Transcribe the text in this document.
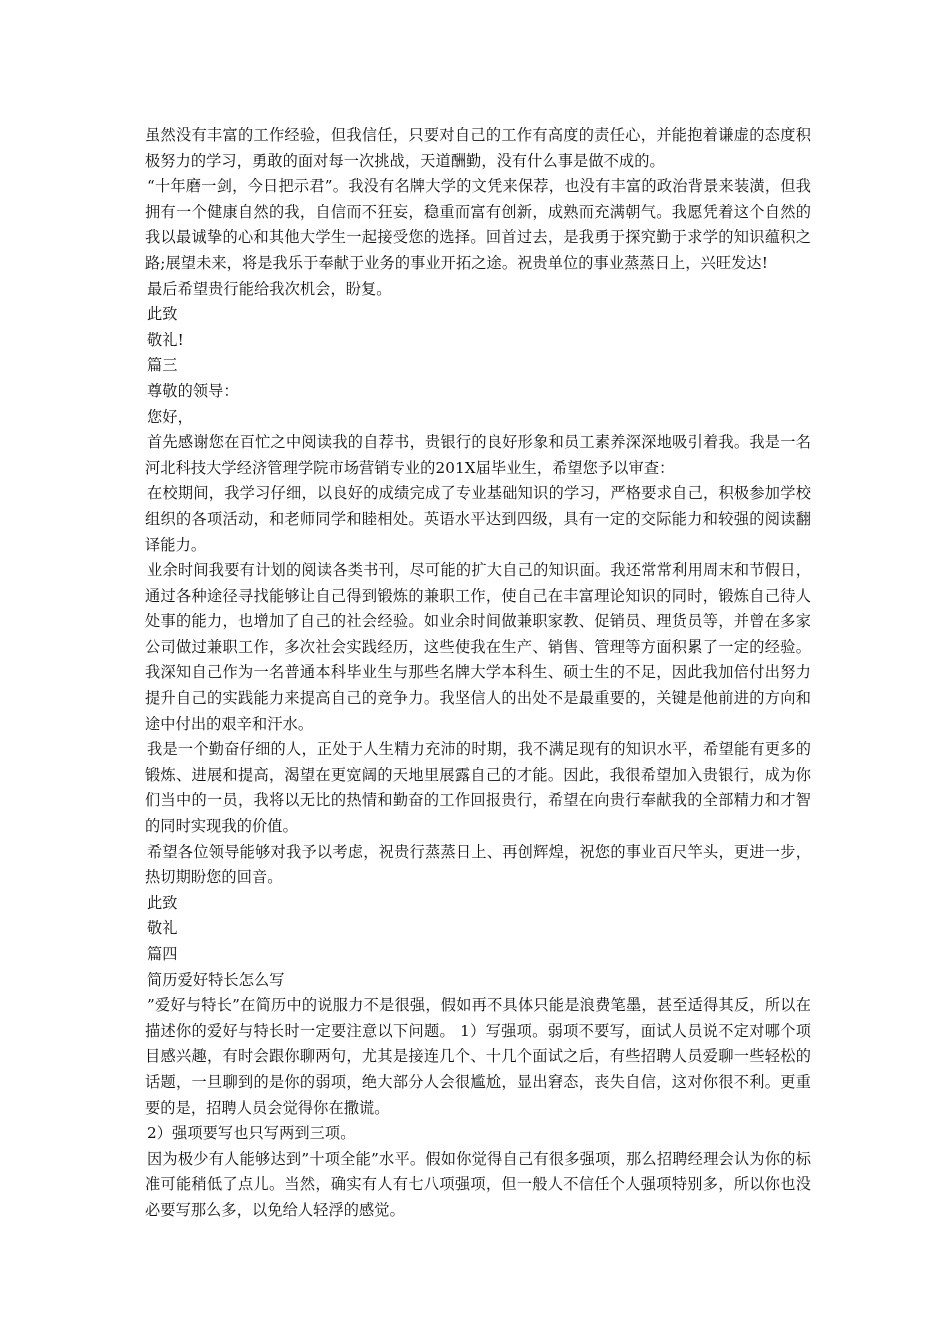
虽然没有丰富的工作经验，但我信任，只要对自己的工作有高度的责任心，并能抱着谦虚的态度积极努力的学习，勇敢的面对每一次挑战，天道酬勤，没有什么事是做不成的。

“十年磨一剑，今日把示君”。我没有名牌大学的文凭来保荐，也没有丰富的政治背景来装潢，但我拥有一个健康自然的我，自信而不狂妄，稳重而富有创新，成熟而充满朝气。我愿凭着这个自然的我以最诚挚的心和其他大学生一起接受您的选择。回首过去，是我勇于探究勤于求学的知识蕴积之路;展望未来，将是我乐于奉献于业务的事业开拓之途。祝贵单位的事业蒸蒸日上，兴旺发达!

最后希望贵行能给我次机会，盼复。

此致

敬礼!

篇三

尊敬的领导：

您好，

首先感谢您在百忙之中阅读我的自荐书，贵银行的良好形象和员工素养深深地吸引着我。我是一名河北科技大学经济管理学院市场营销专业的201X届毕业生，希望您予以审查：

在校期间，我学习仔细，以良好的成绩完成了专业基础知识的学习，严格要求自己，积极参加学校组织的各项活动，和老师同学和睦相处。英语水平达到四级，具有一定的交际能力和较强的阅读翻译能力。

业余时间我要有计划的阅读各类书刊，尽可能的扩大自己的知识面。我还常常利用周末和节假日，通过各种途径寻找能够让自己得到锻炼的兼职工作，使自己在丰富理论知识的同时，锻炼自己待人处事的能力，也增加了自己的社会经验。如业余时间做兼职家教、促销员、理货员等，并曾在多家公司做过兼职工作，多次社会实践经历，这些使我在生产、销售、管理等方面积累了一定的经验。我深知自己作为一名普通本科毕业生与那些名牌大学本科生、硕士生的不足，因此我加倍付出努力提升自己的实践能力来提高自己的竞争力。我坚信人的出处不是最重要的，关键是他前进的方向和途中付出的艰辛和汗水。

我是一个勤奋仔细的人，正处于人生精力充沛的时期，我不满足现有的知识水平，希望能有更多的锻炼、进展和提高，渴望在更宽阔的天地里展露自己的才能。因此，我很希望加入贵银行，成为你们当中的一员，我将以无比的热情和勤奋的工作回报贵行，希望在向贵行奉献我的全部精力和才智的同时实现我的价值。

希望各位领导能够对我予以考虑，祝贵行蒸蒸日上、再创辉煌，祝您的事业百尺竿头，更进一步，热切期盼您的回音。

此致

敬礼

篇四

简历爱好特长怎么写

”爱好与特长”在简历中的说服力不是很强，假如再不具体只能是浪费笔墨，甚至适得其反，所以在描述你的爱好与特长时一定要注意以下问题。 1）写强项。弱项不要写，面试人员说不定对哪个项目感兴趣，有时会跟你聊两句，尤其是接连几个、十几个面试之后，有些招聘人员爱聊一些轻松的话题，一旦聊到的是你的弱项，绝大部分人会很尴尬，显出窘态，丧失自信，这对你很不利。更重要的是，招聘人员会觉得你在撒谎。

2）强项要写也只写两到三项。

因为极少有人能够达到”十项全能”水平。假如你觉得自己有很多强项，那么招聘经理会认为你的标准可能稍低了点儿。当然，确实有人有七八项强项，但一般人不信任个人强项特别多，所以你也没必要写那么多，以免给人轻浮的感觉。
